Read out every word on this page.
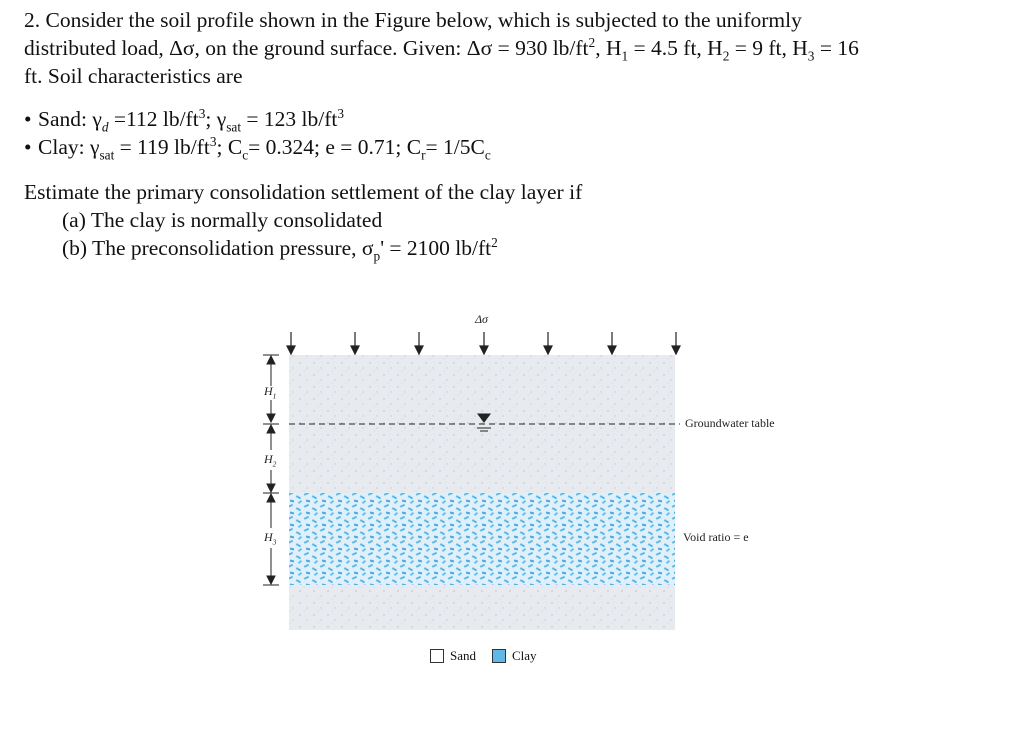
2. Consider the soil profile shown in the Figure below, which is subjected to the uniformly

distributed load, Δσ, on the ground surface. Given: Δσ = 930 $lb/ft^2$, $H_1 = 4.5$ ft, $H_2 = 9$ ft, $H_3 = 16$

ft. Soil characteristics are

• Sand: $\gamma_d =112$ $lb/ft^3$; $\gamma_{sat} = 123$ $lb/ft^3$
• Clay: $\gamma_{sat} = 119$ $lb/ft^3$; $C_c= 0.324$; e = 0.71; $C_r= 1/5C_c$

Estimate the primary consolidation settlement of the clay layer if

(a) The clay is normally consolidated

(b) The preconsolidation pressure, $\sigma_p' = 2100$ $lb/ft^2$

Δσ
$H_1$
$H_2$
$H_3$
Groundwater table
Void ratio = e
Sand	Clay
